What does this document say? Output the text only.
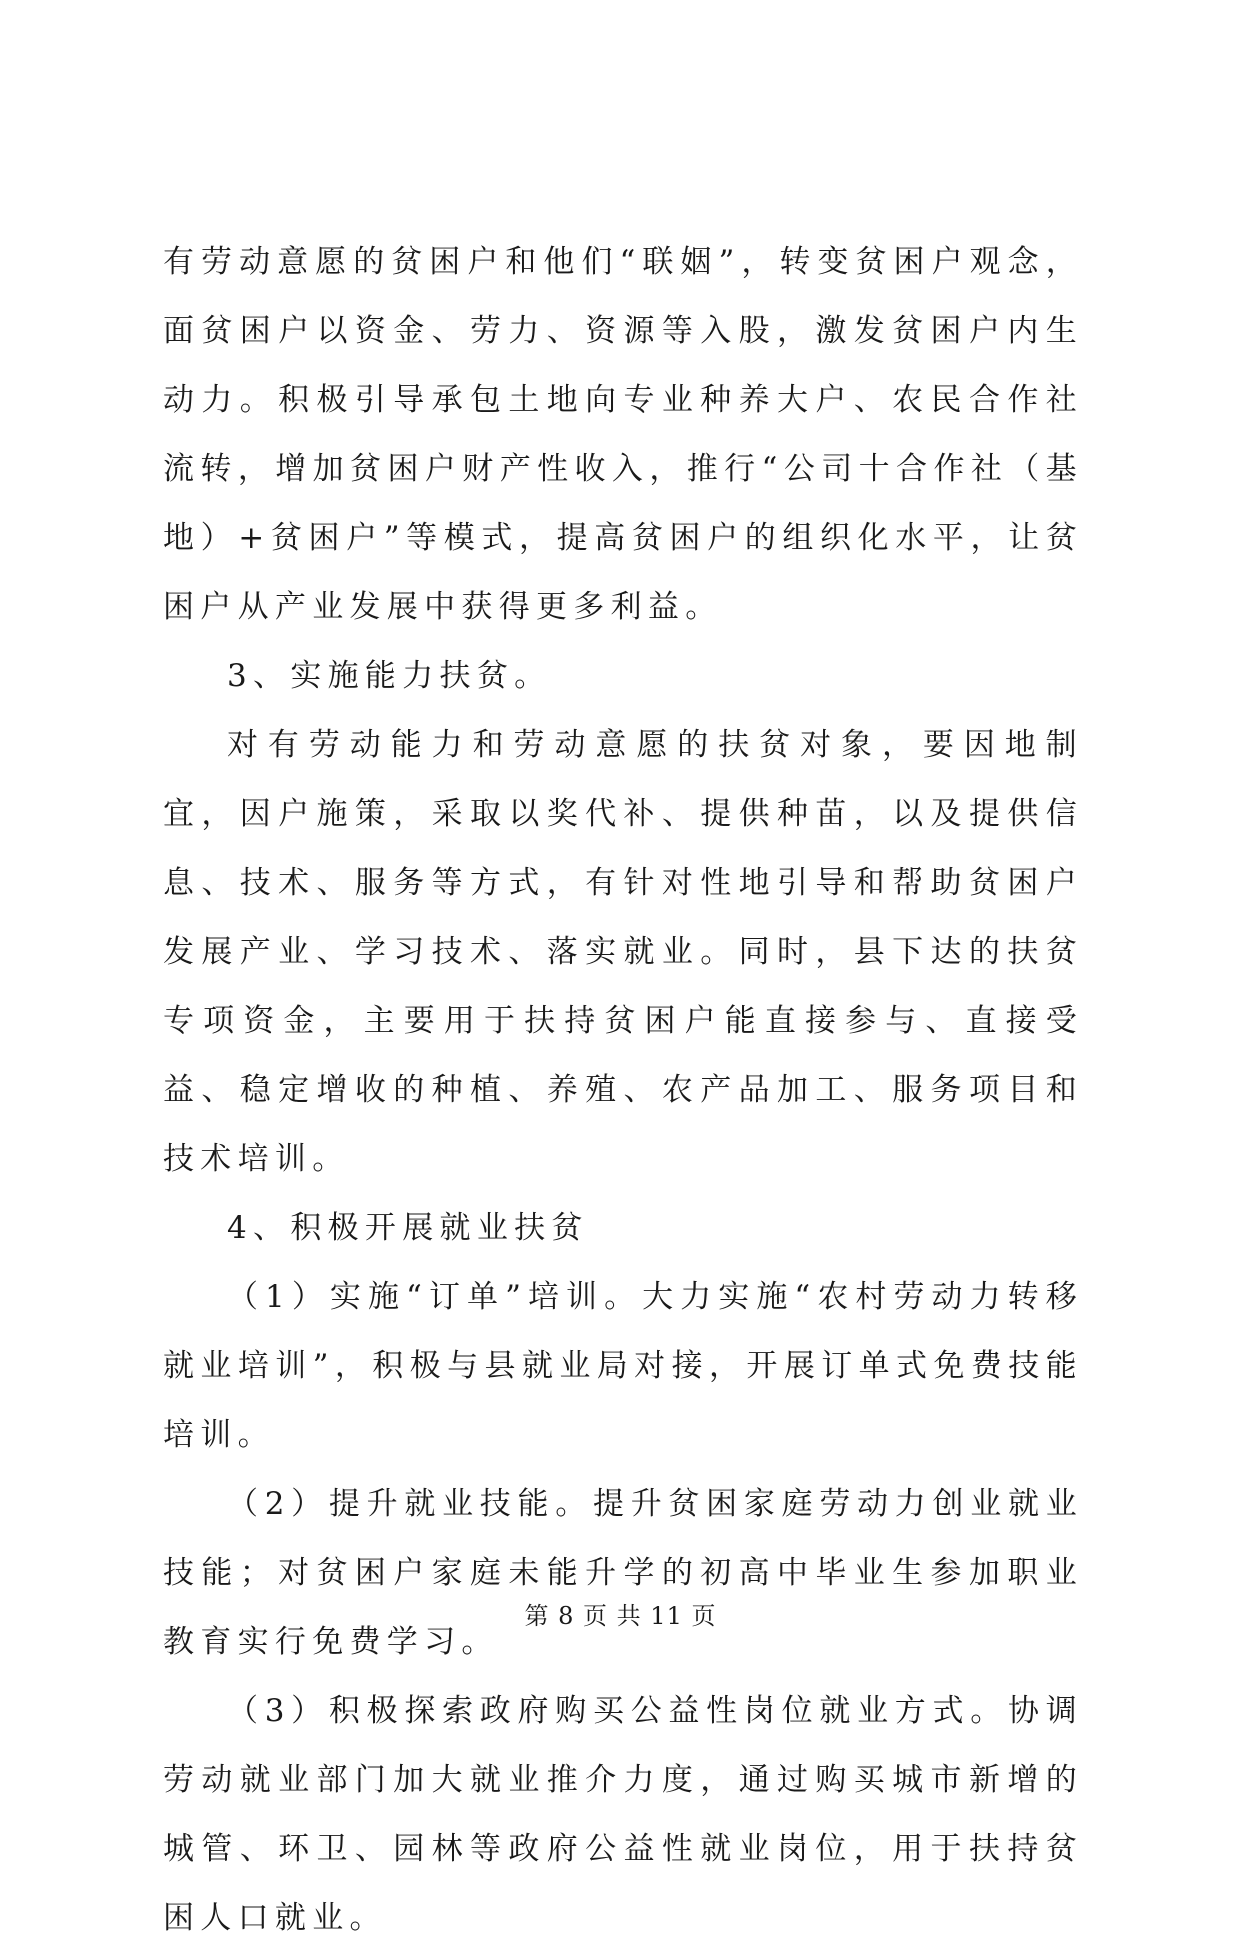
有劳动意愿的贫困户和他们“联姻”，转变贫困户观念，面贫困户以资金、劳力、资源等入股，激发贫困户内生动力。积极引导承包土地向专业种养大户、农民合作社流转，增加贫困户财产性收入，推行“公司十合作社（基地）+贫困户”等模式，提高贫困户的组织化水平，让贫困户从产业发展中获得更多利益。

3、实施能力扶贫。

对有劳动能力和劳动意愿的扶贫对象，要因地制宜，因户施策，采取以奖代补、提供种苗，以及提供信息、技术、服务等方式，有针对性地引导和帮助贫困户发展产业、学习技术、落实就业。同时，县下达的扶贫专项资金，主要用于扶持贫困户能直接参与、直接受益、稳定增收的种植、养殖、农产品加工、服务项目和技术培训。

4、积极开展就业扶贫

（1）实施“订单”培训。大力实施“农村劳动力转移就业培训”，积极与县就业局对接，开展订单式免费技能培训。

（2）提升就业技能。提升贫困家庭劳动力创业就业技能；对贫困户家庭未能升学的初高中毕业生参加职业教育实行免费学习。

（3）积极探索政府购买公益性岗位就业方式。协调劳动就业部门加大就业推介力度，通过购买城市新增的城管、环卫、园林等政府公益性就业岗位，用于扶持贫困人口就业。

第 8 页 共 11 页
